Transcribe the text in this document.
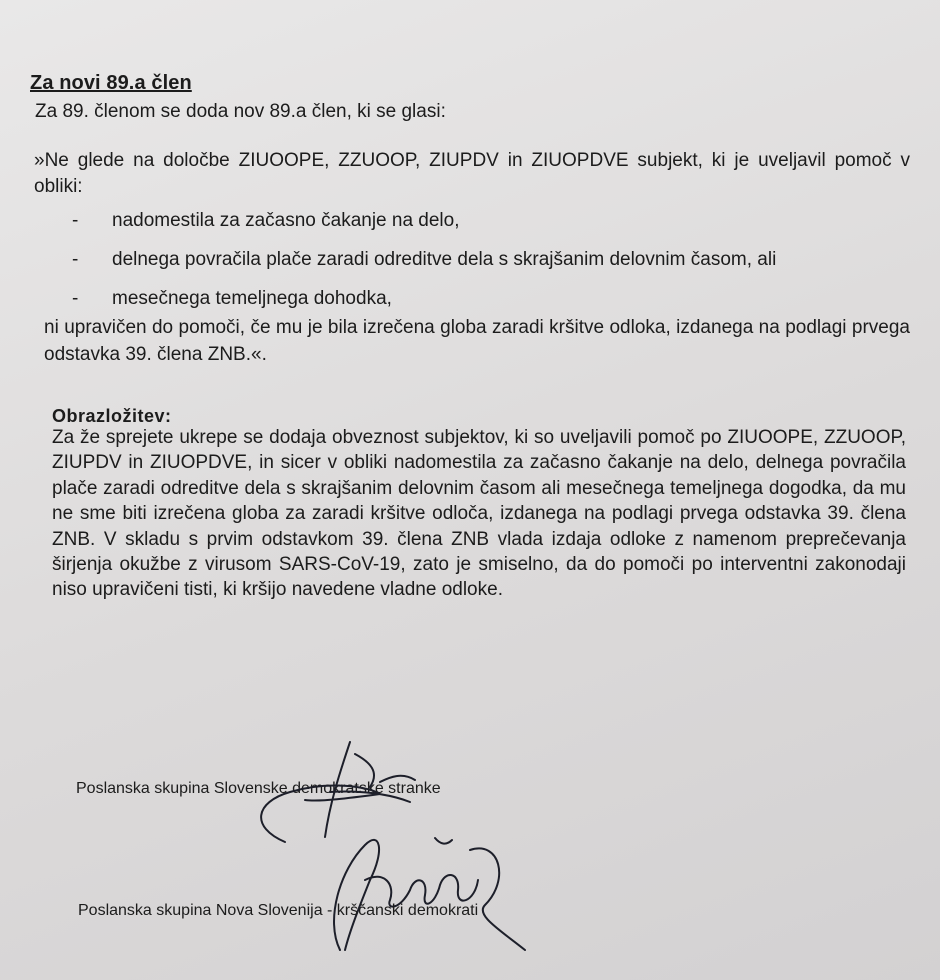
Za novi 89.a člen
Za 89. členom se doda nov 89.a člen, ki se glasi:
»Ne glede na določbe ZIUOOPE, ZZUOOP, ZIUPDV in ZIUOPDVE subjekt, ki je uveljavil pomoč v obliki:
- nadomestila za začasno čakanje na delo,
- delnega povračila plače zaradi odreditve dela s skrajšanim delovnim časom, ali
- mesečnega temeljnega dohodka,
ni upravičen do pomoči, če mu je bila izrečena globa zaradi kršitve odloka, izdanega na podlagi prvega odstavka 39. člena ZNB.«.
Obrazložitev:
Za že sprejete ukrepe se dodaja obveznost subjektov, ki so uveljavili pomoč po ZIUOOPE, ZZUOOP, ZIUPDV in ZIUOPDVE, in sicer v obliki nadomestila za začasno čakanje na delo, delnega povračila plače zaradi odreditve dela s skrajšanim delovnim časom ali mesečnega temeljnega dogodka, da mu ne sme biti izrečena globa za zaradi kršitve odloča, izdanega na podlagi prvega odstavka 39. člena ZNB. V skladu s prvim odstavkom 39. člena ZNB vlada izdaja odloke z namenom preprečevanja širjenja okužbe z virusom SARS-CoV-19, zato je smiselno, da do pomoči po interventni zakonodaji niso upravičeni tisti, ki kršijo navedene vladne odloke.
Poslanska skupina Slovenske demokratske stranke
Poslanska skupina Nova Slovenija - krščanski demokrati
